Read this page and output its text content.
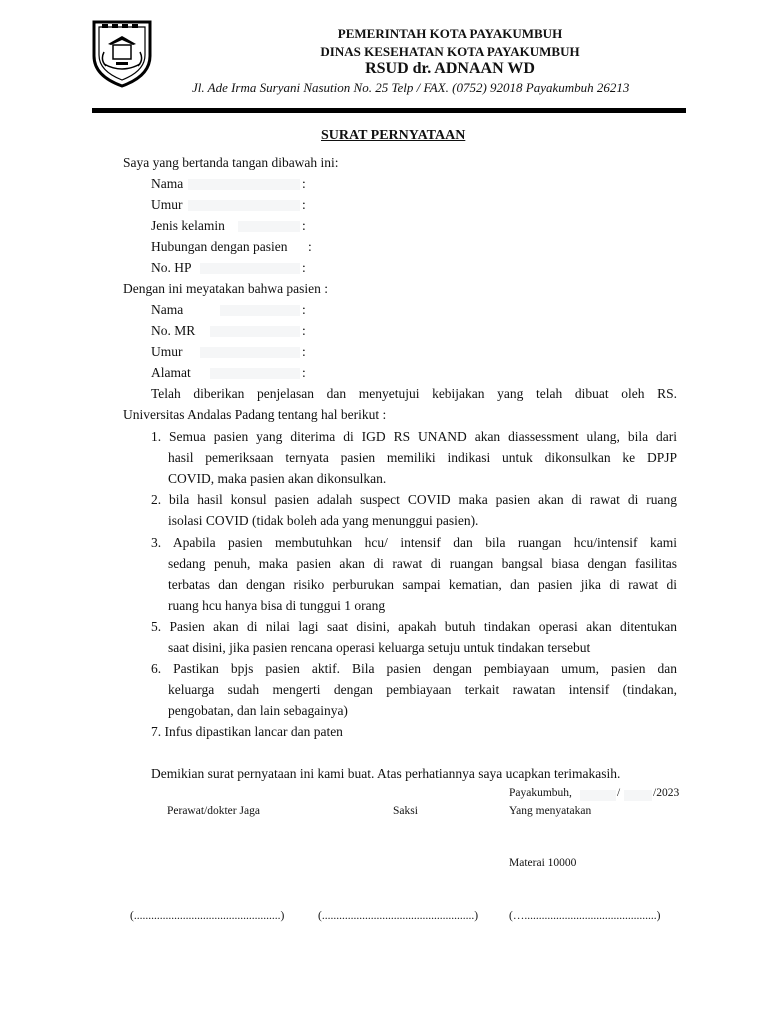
PEMERINTAH KOTA PAYAKUMBUH
DINAS KESEHATAN KOTA PAYAKUMBUH
RSUD dr. ADNAAN WD
Jl. Ade Irma Suryani Nasution No. 25 Telp / FAX. (0752) 92018 Payakumbuh 26213
SURAT PERNYATAAN
Saya yang bertanda tangan dibawah ini:
Nama	:
Umur	:
Jenis kelamin	:
Hubungan dengan pasien :
No. HP	:
Dengan ini meyatakan bahwa pasien :
Nama	:
No. MR	:
Umur	:
Alamat	:
Telah diberikan penjelasan dan menyetujui kebijakan yang telah dibuat oleh RS.
Universitas Andalas Padang tentang hal berikut :
1. Semua pasien yang diterima di IGD RS UNAND akan diassessment ulang, bila dari
hasil pemeriksaan ternyata pasien memiliki indikasi untuk dikonsulkan ke DPJP
COVID, maka pasien akan dikonsulkan.
2. bila hasil konsul pasien adalah suspect COVID maka pasien akan di rawat di ruang
isolasi COVID (tidak boleh ada yang menunggui pasien).
3. Apabila pasien membutuhkan hcu/ intensif dan bila ruangan hcu/intensif kami
sedang penuh, maka pasien akan di rawat di ruangan bangsal biasa dengan fasilitas
terbatas dan dengan risiko perburukan sampai kematian, dan pasien jika di rawat di
ruang hcu hanya bisa di tunggui 1 orang
5. Pasien akan di nilai lagi saat disini, apakah butuh tindakan operasi akan ditentukan
saat disini, jika pasien rencana operasi keluarga setuju untuk tindakan tersebut
6. Pastikan bpjs pasien aktif. Bila pasien dengan pembiayaan umum, pasien dan
keluarga sudah mengerti dengan pembiayaan terkait rawatan intensif (tindakan,
pengobatan, dan lain sebagainya)
7. Infus dipastikan lancar dan paten
Demikian surat pernyataan ini kami buat. Atas perhatiannya saya ucapkan terimakasih.
Payakumbuh,	/	/2023
Perawat/dokter Jaga	Saksi	Yang menyatakan
Materai 10000
(...................................................)	(.....................................................)	(…..............................................)
